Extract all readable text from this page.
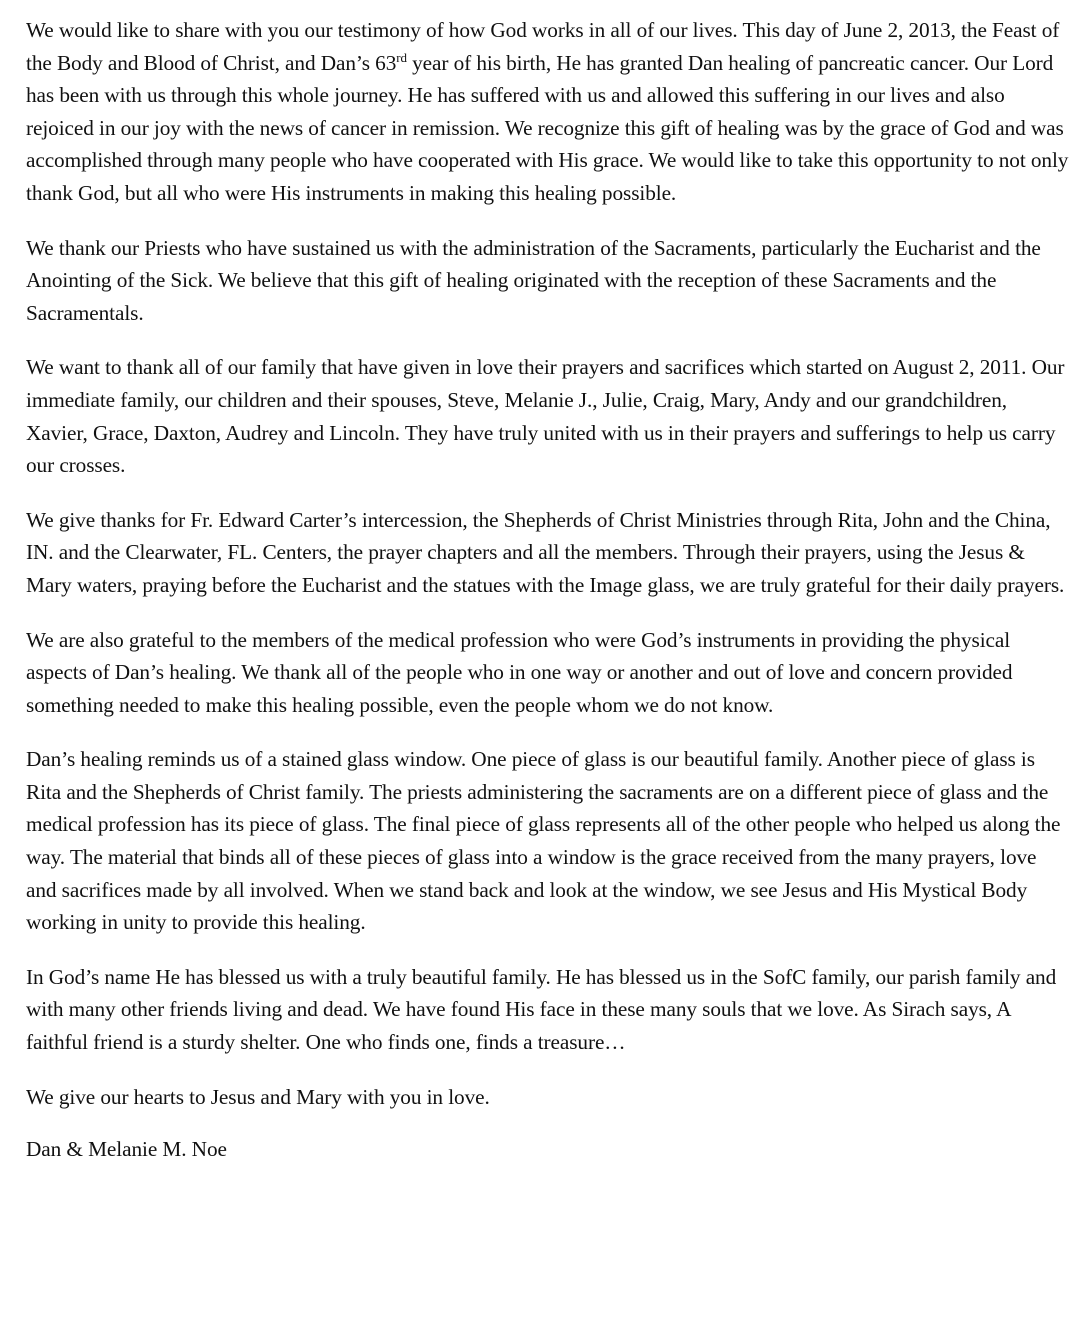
We would like to share with you our testimony of how God works in all of our lives. This day of June 2, 2013, the Feast of the Body and Blood of Christ, and Dan’s 63rd year of his birth, He has granted Dan healing of pancreatic cancer. Our Lord has been with us through this whole journey. He has suffered with us and allowed this suffering in our lives and also rejoiced in our joy with the news of cancer in remission. We recognize this gift of healing was by the grace of God and was accomplished through many people who have cooperated with His grace. We would like to take this opportunity to not only thank God, but all who were His instruments in making this healing possible.

We thank our Priests who have sustained us with the administration of the Sacraments, particularly the Eucharist and the Anointing of the Sick. We believe that this gift of healing originated with the reception of these Sacraments and the Sacramentals.

We want to thank all of our family that have given in love their prayers and sacrifices which started on August 2, 2011. Our immediate family, our children and their spouses, Steve, Melanie J., Julie, Craig, Mary, Andy and our grandchildren, Xavier, Grace, Daxton, Audrey and Lincoln. They have truly united with us in their prayers and sufferings to help us carry our crosses.

We give thanks for Fr. Edward Carter’s intercession, the Shepherds of Christ Ministries through Rita, John and the China, IN. and the Clearwater, FL. Centers, the prayer chapters and all the members. Through their prayers, using the Jesus & Mary waters, praying before the Eucharist and the statues with the Image glass, we are truly grateful for their daily prayers.

We are also grateful to the members of the medical profession who were God’s instruments in providing the physical aspects of Dan’s healing. We thank all of the people who in one way or another and out of love and concern provided something needed to make this healing possible, even the people whom we do not know.

Dan’s healing reminds us of a stained glass window. One piece of glass is our beautiful family. Another piece of glass is Rita and the Shepherds of Christ family. The priests administering the sacraments are on a different piece of glass and the medical profession has its piece of glass. The final piece of glass represents all of the other people who helped us along the way. The material that binds all of these pieces of glass into a window is the grace received from the many prayers, love and sacrifices made by all involved. When we stand back and look at the window, we see Jesus and His Mystical Body working in unity to provide this healing.

In God’s name He has blessed us with a truly beautiful family. He has blessed us in the SofC family, our parish family and with many other friends living and dead. We have found His face in these many souls that we love. As Sirach says, A faithful friend is a sturdy shelter. One who finds one, finds a treasure…

We give our hearts to Jesus and Mary with you in love.

Dan & Melanie M. Noe
